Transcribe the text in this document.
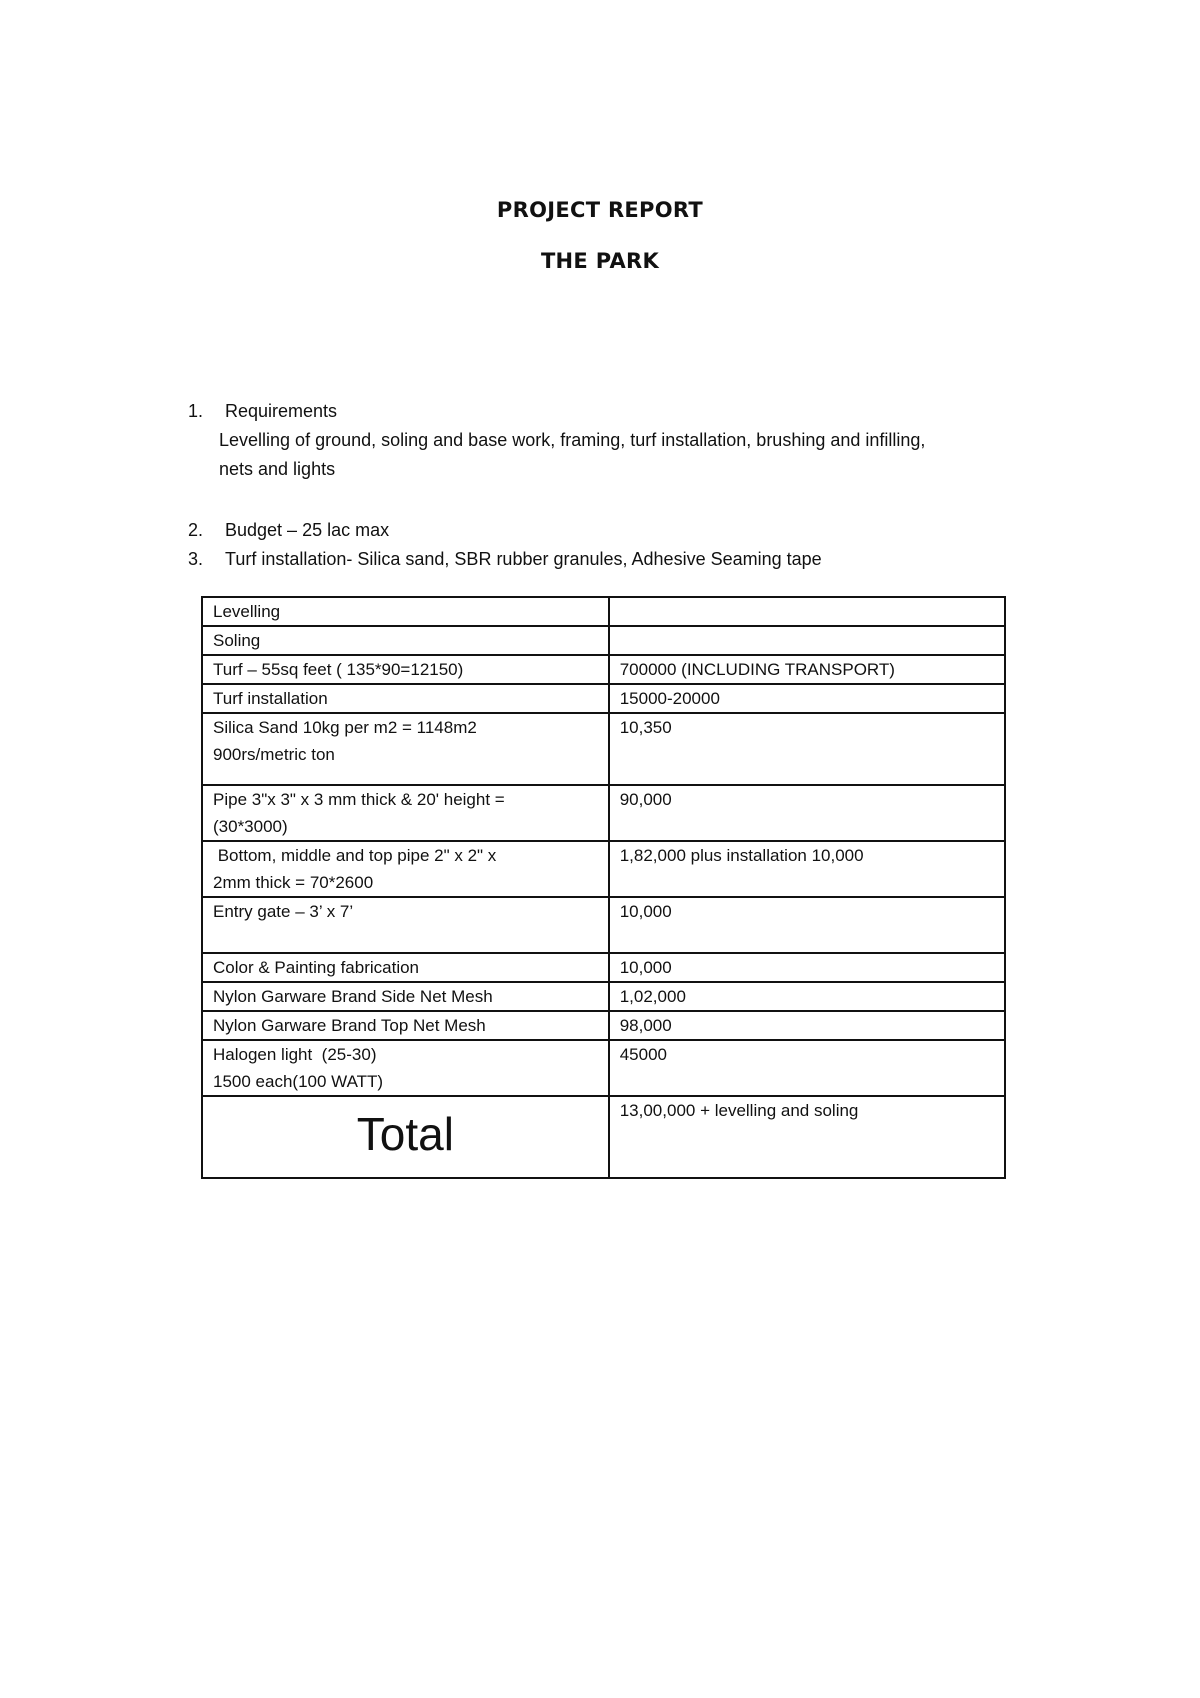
PROJECT REPORT
THE PARK
1. Requirements
Levelling of ground, soling and base work, framing, turf installation, brushing and infilling,
nets and lights
2. Budget – 25 lac max
3. Turf installation- Silica sand, SBR rubber granules, Adhesive Seaming tape
Levelling	

Soling	

Turf – 55sq feet ( 135*90=12150)	700000 (INCLUDING TRANSPORT)

Turf installation	15000-20000

Silica Sand 10kg per m2 = 1148m2
900rs/metric ton	10,350

Pipe 3"x 3" x 3 mm thick & 20' height =
(30*3000)	90,000

Bottom, middle and top pipe 2" x 2" x
2mm thick = 70*2600	1,82,000 plus installation 10,000

Entry gate – 3’ x 7’	10,000

Color & Painting fabrication	10,000

Nylon Garware Brand Side Net Mesh	1,02,000

Nylon Garware Brand Top Net Mesh	98,000

Halogen light  (25-30)
1500 each(100 WATT)	45000

Total	13,00,000 + levelling and soling
